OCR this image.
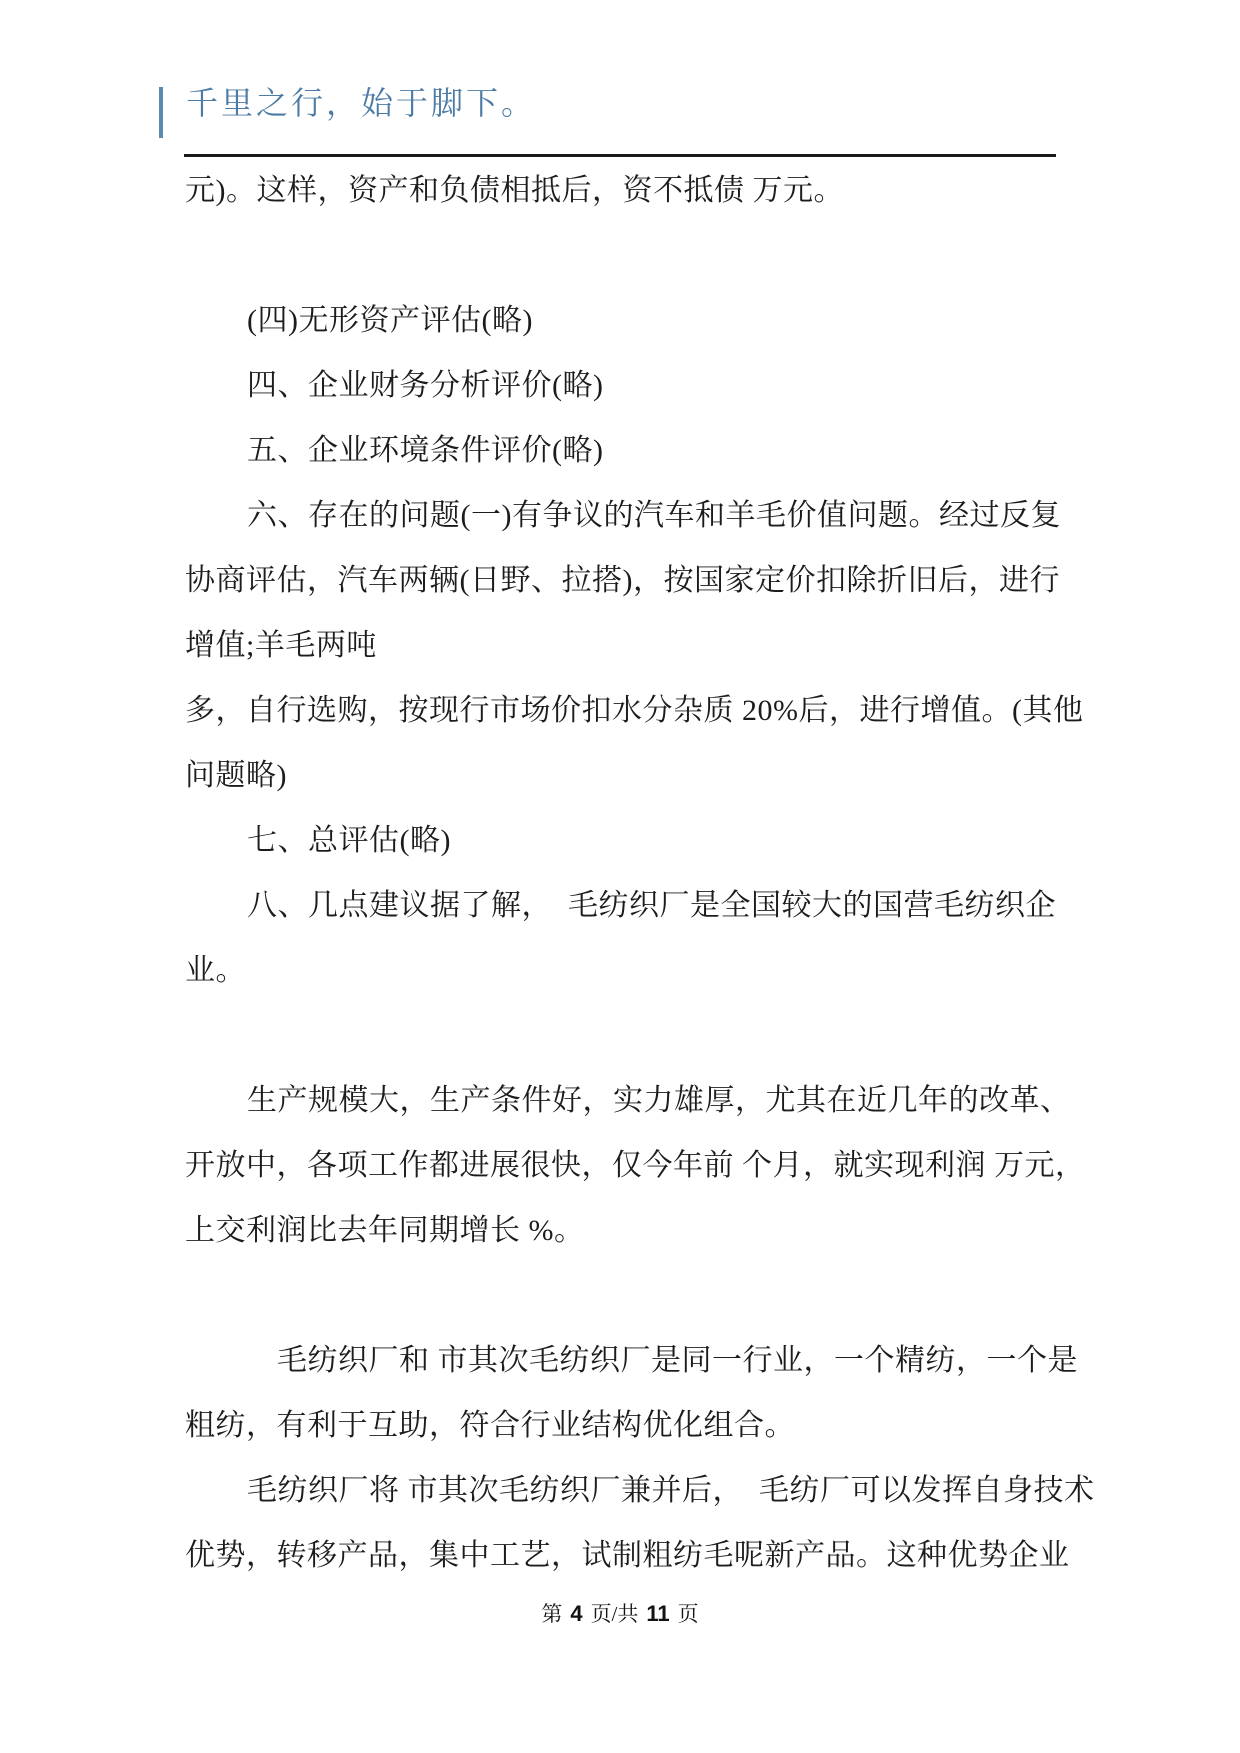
千里之行，始于脚下。
元)。这样，资产和负债相抵后，资不抵债 万元。
(四)无形资产评估(略)
四、企业财务分析评价(略)
五、企业环境条件评价(略)
六、存在的问题(一)有争议的汽车和羊毛价值问题。经过反复
协商评估，汽车两辆(日野、拉搭)，按国家定价扣除折旧后，进行
增值;羊毛两吨
多，自行选购，按现行市场价扣水分杂质 20%后，进行增值。(其他
问题略)
七、总评估(略)
八、几点建议据了解，  毛纺织厂是全国较大的国营毛纺织企
业。
生产规模大，生产条件好，实力雄厚，尤其在近几年的改革、
开放中，各项工作都进展很快，仅今年前 个月，就实现利润 万元，
上交利润比去年同期增长 %。
毛纺织厂和 市其次毛纺织厂是同一行业，一个精纺，一个是
粗纺，有利于互助，符合行业结构优化组合。
毛纺织厂将 市其次毛纺织厂兼并后，  毛纺厂可以发挥自身技术
优势，转移产品，集中工艺，试制粗纺毛呢新产品。这种优势企业
第 4 页/共 11 页
